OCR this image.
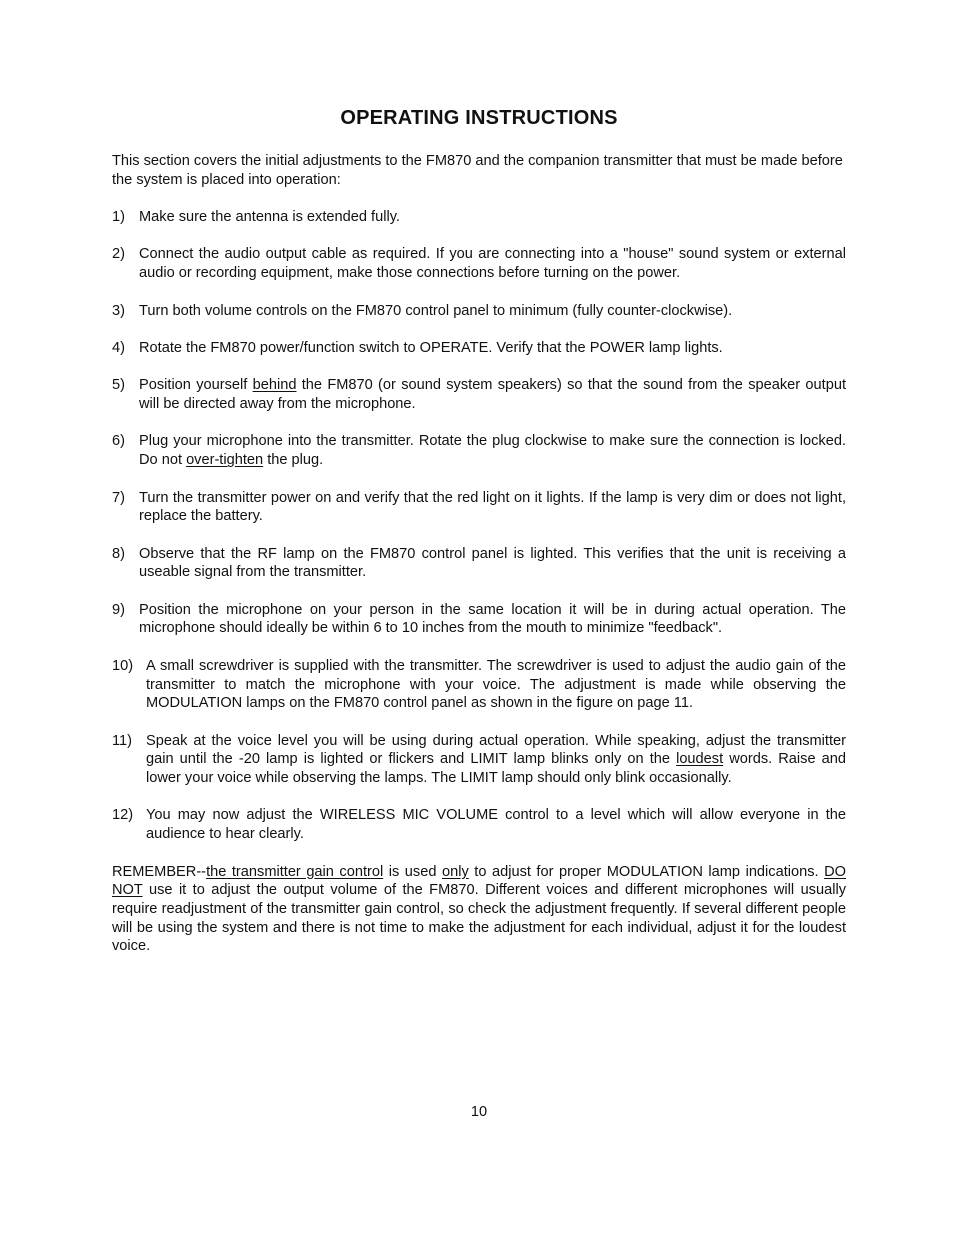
OPERATING INSTRUCTIONS

This section covers the initial adjustments to the FM870 and the companion transmitter that must be made before the system is placed into operation:

1) Make sure the antenna is extended fully.
2) Connect the audio output cable as required. If you are connecting into a "house" sound system or external audio or recording equipment, make those connections before turning on the power.
3) Turn both volume controls on the FM870 control panel to minimum (fully counter-clockwise).
4) Rotate the FM870 power/function switch to OPERATE. Verify that the POWER lamp lights.
5) Position yourself behind the FM870 (or sound system speakers) so that the sound from the speaker output will be directed away from the microphone.
6) Plug your microphone into the transmitter. Rotate the plug clockwise to make sure the connection is locked. Do not over-tighten the plug.
7) Turn the transmitter power on and verify that the red light on it lights. If the lamp is very dim or does not light, replace the battery.
8) Observe that the RF lamp on the FM870 control panel is lighted. This verifies that the unit is receiving a useable signal from the transmitter.
9) Position the microphone on your person in the same location it will be in during actual operation. The microphone should ideally be within 6 to 10 inches from the mouth to minimize "feedback".
10) A small screwdriver is supplied with the transmitter. The screwdriver is used to adjust the audio gain of the transmitter to match the microphone with your voice. The adjustment is made while observing the MODULATION lamps on the FM870 control panel as shown in the figure on page 11.
11) Speak at the voice level you will be using during actual operation. While speaking, adjust the transmitter gain until the -20 lamp is lighted or flickers and LIMIT lamp blinks only on the loudest words. Raise and lower your voice while observing the lamps. The LIMIT lamp should only blink occasionally.
12) You may now adjust the WIRELESS MIC VOLUME control to a level which will allow everyone in the audience to hear clearly.

REMEMBER--the transmitter gain control is used only to adjust for proper MODULATION lamp indications. DO NOT use it to adjust the output volume of the FM870. Different voices and different microphones will usually require readjustment of the transmitter gain control, so check the adjustment frequently. If several different people will be using the system and there is not time to make the adjustment for each individual, adjust it for the loudest voice.

10
